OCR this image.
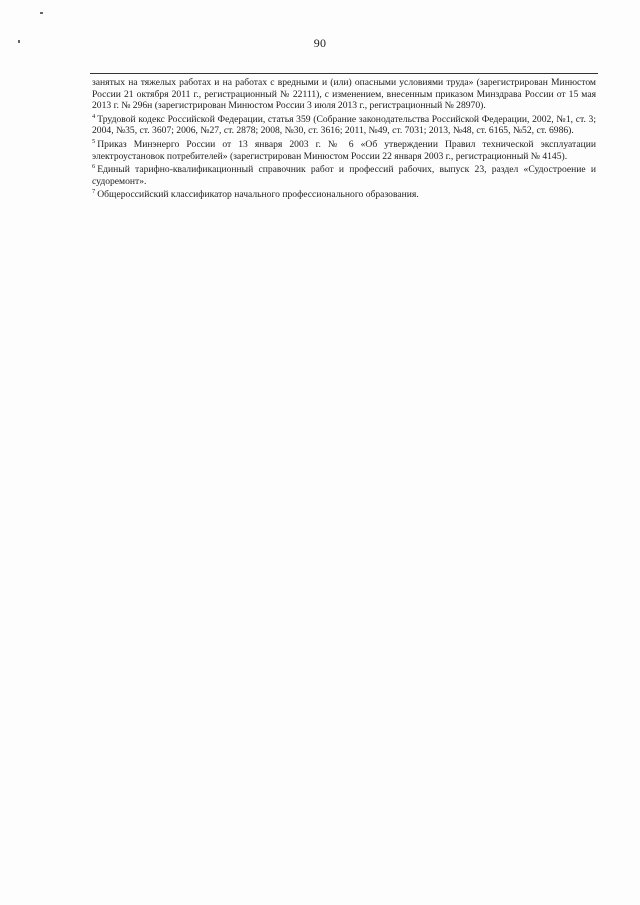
90

занятых на тяжелых работах и на работах с вредными и (или) опасными условиями труда» (зарегистрирован Минюстом России 21 октября 2011 г., регистрационный № 22111), с изменением, внесенным приказом Минздрава России от 15 мая 2013 г. № 296н (зарегистрирован Минюстом России 3 июля 2013 г., регистрационный № 28970).

$^4$ Трудовой кодекс Российской Федерации, статья 359 (Собрание законодательства Российской Федерации, 2002, №1, ст. 3; 2004, №35, ст. 3607; 2006, №27, ст. 2878; 2008, №30, ст. 3616; 2011, №49, ст. 7031; 2013, №48, ст. 6165, №52, ст. 6986).

$^5$ Приказ Минэнерго России от 13 января 2003 г. № 6 «Об утверждении Правил технической эксплуатации электроустановок потребителей» (зарегистрирован Минюстом России 22 января 2003 г., регистрационный № 4145).

$^6$ Единый тарифно-квалификационный справочник работ и профессий рабочих, выпуск 23, раздел «Судостроение и судоремонт».

$^7$ Общероссийский классификатор начального профессионального образования.
